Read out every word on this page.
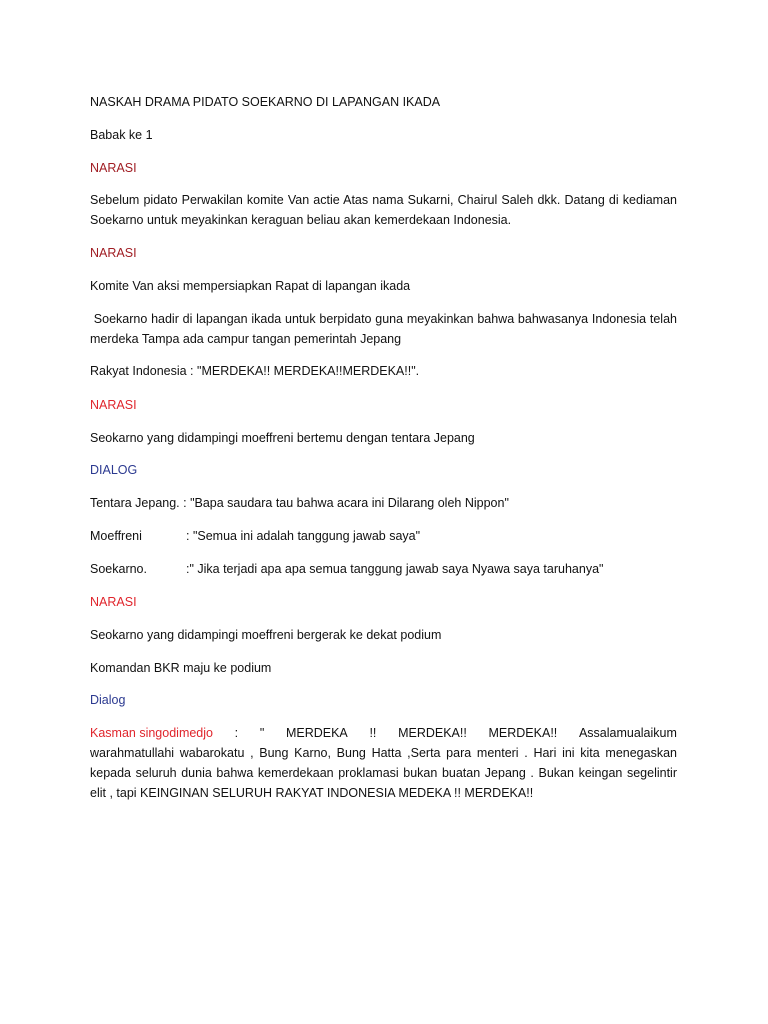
NASKAH DRAMA PIDATO SOEKARNO DI LAPANGAN IKADA
Babak ke 1
NARASI
Sebelum pidato Perwakilan komite Van actie Atas nama Sukarni, Chairul Saleh dkk. Datang di kediaman Soekarno untuk meyakinkan keraguan beliau akan kemerdekaan Indonesia.
NARASI
Komite Van aksi mempersiapkan Rapat di lapangan ikada
Soekarno hadir di lapangan ikada untuk berpidato guna meyakinkan bahwa bahwasanya Indonesia telah merdeka Tampa ada campur tangan pemerintah Jepang
Rakyat Indonesia : "MERDEKA!! MERDEKA!!MERDEKA!!".
NARASI
Seokarno yang didampingi moeffreni bertemu dengan tentara Jepang
DIALOG
Tentara Jepang. : "Bapa saudara tau bahwa acara ini Dilarang oleh Nippon"
Moeffreni	: "Semua ini adalah tanggung jawab saya"
Soekarno.	:" Jika terjadi apa apa semua tanggung jawab saya Nyawa saya taruhanya"
NARASI
Seokarno yang didampingi moeffreni bergerak ke dekat podium
Komandan BKR maju ke podium
Dialog
Kasman singodimedjo : " MERDEKA !! MERDEKA!! MERDEKA!! Assalamualaikum
warahmatullahi wabarokatu , Bung Karno, Bung Hatta ,Serta para menteri . Hari ini kita menegaskan kepada seluruh dunia bahwa kemerdekaan proklamasi bukan buatan Jepang . Bukan keingan segelintir elit , tapi KEINGINAN SELURUH RAKYAT INDONESIA MEDEKA !! MERDEKA!!
